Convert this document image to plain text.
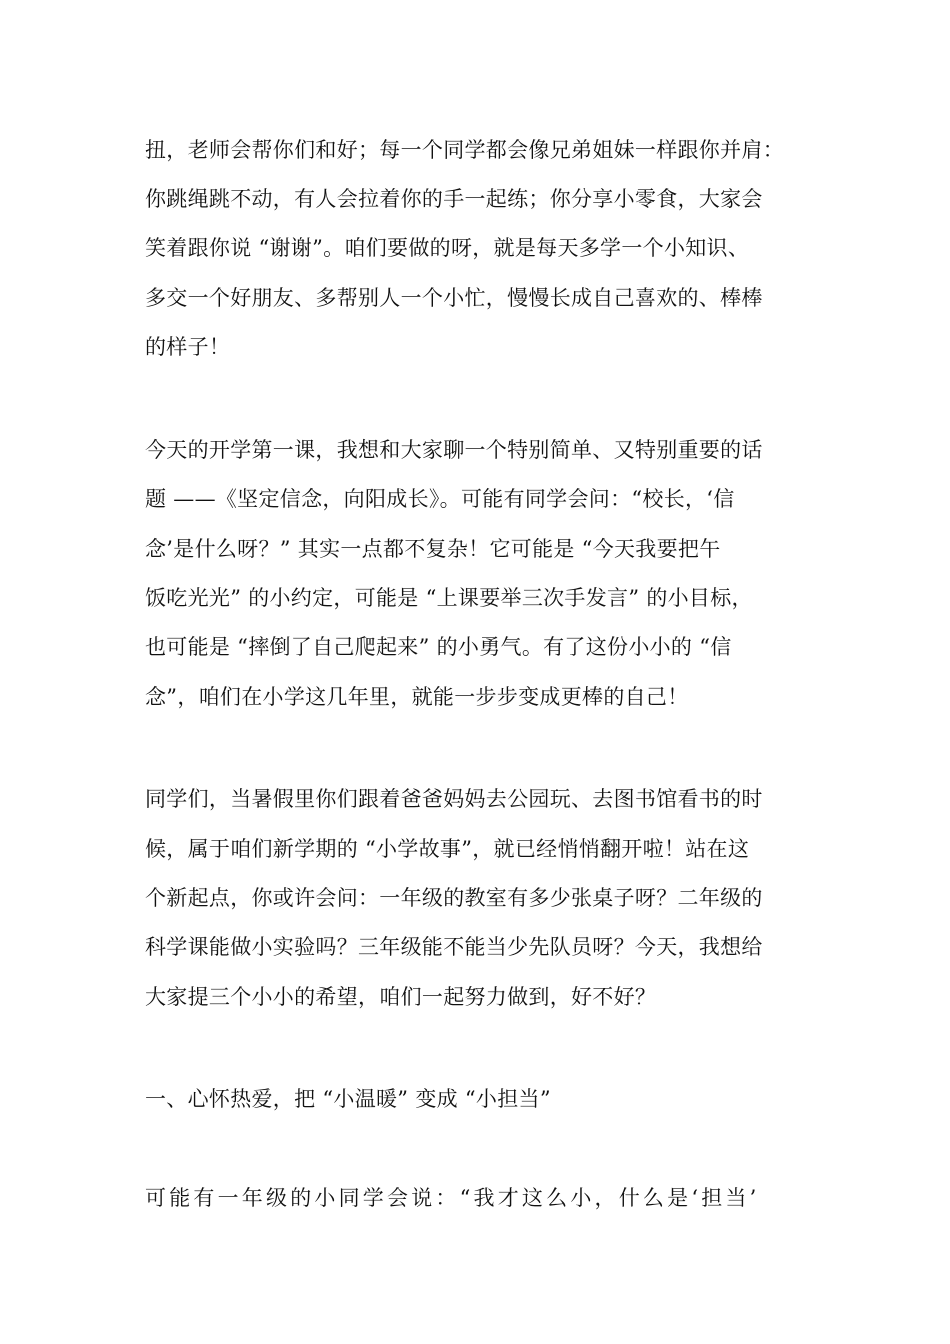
扭，老师会帮你们和好；每一个同学都会像兄弟姐妹一样跟你并肩：
你跳绳跳不动，有人会拉着你的手一起练；你分享小零食，大家会
笑着跟你说 “谢谢”。咱们要做的呀，就是每天多学一个小知识、
多交一个好朋友、多帮别人一个小忙，慢慢长成自己喜欢的、棒棒
的样子！
今天的开学第一课，我想和大家聊一个特别简单、又特别重要的话
题 ——《坚定信念，向阳成长》。可能有同学会问：“校长，‘信
念’是什么呀？” 其实一点都不复杂！它可能是 “今天我要把午
饭吃光光” 的小约定，可能是 “上课要举三次手发言” 的小目标，
也可能是 “摔倒了自己爬起来” 的小勇气。有了这份小小的 “信
念”，咱们在小学这几年里，就能一步步变成更棒的自己！
同学们，当暑假里你们跟着爸爸妈妈去公园玩、去图书馆看书的时
候，属于咱们新学期的 “小学故事”，就已经悄悄翻开啦！站在这
个新起点，你或许会问：一年级的教室有多少张桌子呀？二年级的
科学课能做小实验吗？三年级能不能当少先队员呀？今天，我想给
大家提三个小小的希望，咱们一起努力做到，好不好？
一、心怀热爱，把 “小温暖” 变成 “小担当”
可能有一年级的小同学会说：“我才这么小，什么是‘担当’
